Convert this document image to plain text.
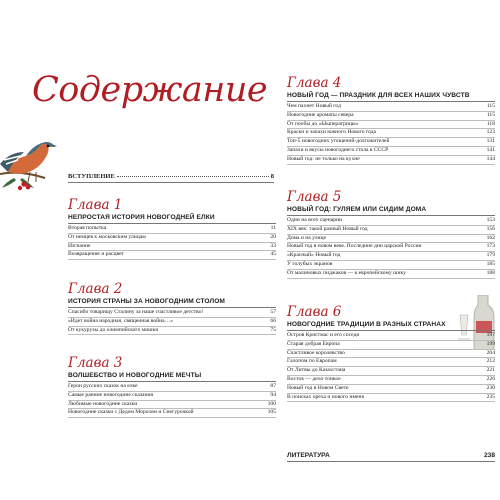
Содержание
ВСТУПЛЕНИЕ	8
Глава 1
НЕПРОСТАЯ ИСТОРИЯ НОВОГОДНЕЙ ЕЛКИ
Вторая попытка	11
От немцев к московским улицам	20
Изгнание	33
Возвращение и расцвет	45
Глава 2
ИСТОРИЯ СТРАНЫ ЗА НОВОГОДНИМ СТОЛОМ
Спасибо товарищу Сталину за наше счастливое детство!	57
«Идет война народная, священная война…»	66
От кукурузы до олимпийского мишки	75
Глава 3
ВОЛШЕБСТВО И НОВОГОДНИЕ МЕЧТЫ
Герои русских сказок на елке	87
Самые ранние новогодние сказания	94
Любимые новогодние сказки	100
Новогодние сказки с Дедом Морозом и Снегурочкой	105
Глава 4
НОВЫЙ ГОД — ПРАЗДНИК ДЛЯ ВСЕХ НАШИХ ЧУВСТВ
Чем пахнет Новый год	115
Новогодние ароматы севера	115
От пообы до «Ыыператрицы»	118
Краски и запахи южного Нового года	123
Топ-5 новогодних угощений-долгожителей	131
Запахи и вкусы новогоднего стола в СССР	141
Новый год: не только на кухне	144
Глава 5
НОВЫЙ ГОД: ГУЛЯЕМ ИЛИ СИДИМ ДОМА
Один на всех сценарии	153
XIX век: такой разный Новый год	156
Дома и на улице	162
Новый год в новом веке. Последние дни царской России	173
«Красный» Новый год	179
У голубых экранов	185
От малиновых пиджаков — к европейскому шику	188
Глава 6
НОВОГОДНИЕ ТРАДИЦИИ В РАЗНЫХ СТРАНАХ
Остров Кристмас и его соседи	197
Старая добрая Европа	199
Счастливое королевство	204
Галопом по Европам	212
От Литвы до Казахстана	221
Восток — дело тонкое	226
Новый год в Новом Свете	230
В поисках орехa и новогo имени	235
ЛИТЕРАТУРА	238
